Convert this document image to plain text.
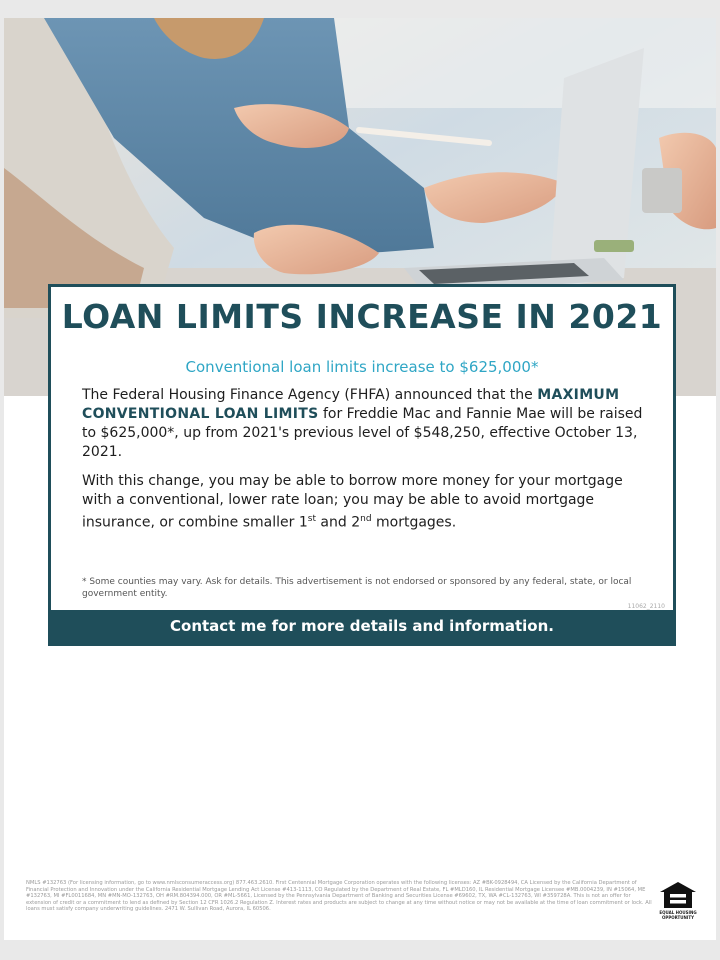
LOAN LIMITS INCREASE IN 2021
Conventional loan limits increase to $625,000*
The Federal Housing Finance Agency (FHFA) announced that the MAXIMUM CONVENTIONAL LOAN LIMITS for Freddie Mac and Fannie Mae will be raised to $625,000*, up from 2021's previous level of $548,250, effective October 13, 2021.
With this change, you may be able to borrow more money for your mortgage with a conventional, lower rate loan; you may be able to avoid mortgage insurance, or combine smaller 1st and 2nd mortgages.
* Some counties may vary. Ask for details. This advertisement is not endorsed or sponsored by any federal, state, or local government entity.
11062_2110
Contact me for more details and information.
NMLS #132763 (For licensing information, go to www.nmlsconsumeraccess.org) 877.463.2610. First Centennial Mortgage Corporation operates with the following licenses: AZ #BK-0928494, CA Licensed by the California Department of Financial Protection and Innovation under the California Residential Mortgage Lending Act License #413-1113, CO Regulated by the Department of Real Estate, FL #MLD160, IL Residential Mortgage Licensee #MB.0004239, IN #15064, ME #132763, MI #FL0011684, MN #MN-MO-132763, OH #RM.804394.000, OR #ML-5661, Licensed by the Pennsylvania Department of Banking and Securities License #69602, TX, WA #CL-132763, WI #359728A. This is not an offer for extension of credit or a commitment to lend as defined by Section 12 CFR 1026.2 Regulation Z. Interest rates and products are subject to change at any time without notice or may not be available at the time of loan commitment or lock. All loans must satisfy company underwriting guidelines. 2471 W. Sullivan Road, Aurora, IL 60506.
EQUAL HOUSING
OPPORTUNITY
